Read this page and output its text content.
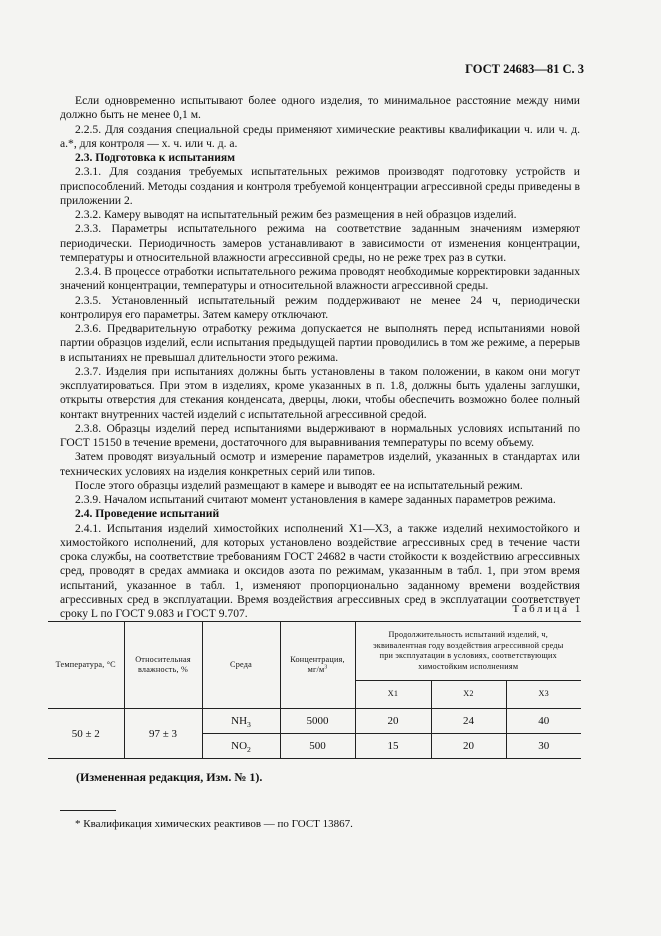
ГОСТ 24683—81 С. 3

Если одновременно испытывают более одного изделия, то минимальное расстояние между ними должно быть не менее 0,1 м.

2.2.5. Для создания специальной среды применяют химические реактивы квалификации ч. или ч. д. а.*, для контроля — х. ч. или ч. д. а.

2.3. Подготовка к испытаниям

2.3.1. Для создания требуемых испытательных режимов производят подготовку устройств и приспособлений. Методы создания и контроля требуемой концентрации агрессивной среды приведены в приложении 2.

2.3.2. Камеру выводят на испытательный режим без размещения в ней образцов изделий.

2.3.3. Параметры испытательного режима на соответствие заданным значениям измеряют периодически. Периодичность замеров устанавливают в зависимости от изменения концентрации, температуры и относительной влажности агрессивной среды, но не реже трех раз в сутки.

2.3.4. В процессе отработки испытательного режима проводят необходимые корректировки заданных значений концентрации, температуры и относительной влажности агрессивной среды.

2.3.5. Установленный испытательный режим поддерживают не менее 24 ч, периодически контролируя его параметры. Затем камеру отключают.

2.3.6. Предварительную отработку режима допускается не выполнять перед испытаниями новой партии образцов изделий, если испытания предыдущей партии проводились в том же режиме, а перерыв в испытаниях не превышал длительности этого режима.

2.3.7. Изделия при испытаниях должны быть установлены в таком положении, в каком они могут эксплуатироваться. При этом в изделиях, кроме указанных в п. 1.8, должны быть удалены заглушки, открыты отверстия для стекания конденсата, дверцы, люки, чтобы обеспечить возможно более полный контакт внутренних частей изделий с испытательной агрессивной средой.

2.3.8. Образцы изделий перед испытаниями выдерживают в нормальных условиях испытаний по ГОСТ 15150 в течение времени, достаточного для выравнивания температуры по всему объему.

Затем проводят визуальный осмотр и измерение параметров изделий, указанных в стандартах или технических условиях на изделия конкретных серий или типов.

После этого образцы изделий размещают в камере и выводят ее на испытательный режим.

2.3.9. Началом испытаний считают момент установления в камере заданных параметров режима.

2.4. Проведение испытаний

2.4.1. Испытания изделий химостойких исполнений Х1—Х3, а также изделий нехимостойкого и химостойкого исполнений, для которых установлено воздействие агрессивных сред в течение части срока службы, на соответствие требованиям ГОСТ 24682 в части стойкости к воздействию агрессивных сред, проводят в средах аммиака и оксидов азота по режимам, указанным в табл. 1, при этом время испытаний, указанное в табл. 1, изменяют пропорционально заданному времени воздействия агрессивных сред в эксплуатации. Время воздействия агрессивных сред в эксплуатации соответствует сроку L по ГОСТ 9.083 и ГОСТ 9.707.	Таблица 1
Температура, °С	Относительная влажность, %	Среда	Концентрация, $мг/м^3$	Продолжительность испытаний изделий, ч, эквивалентная году воздействия агрессивной среды при эксплуатации в условиях, соответствующих химостойким исполнениям		
				Х1	Х2	Х3
50 ± 2	97 ± 3	$NH_3$	5000	20	24	40
		$NO_2$	500	15	20	30
(Измененная редакция, Изм. № 1).
* Квалификация химических реактивов — по ГОСТ 13867.
